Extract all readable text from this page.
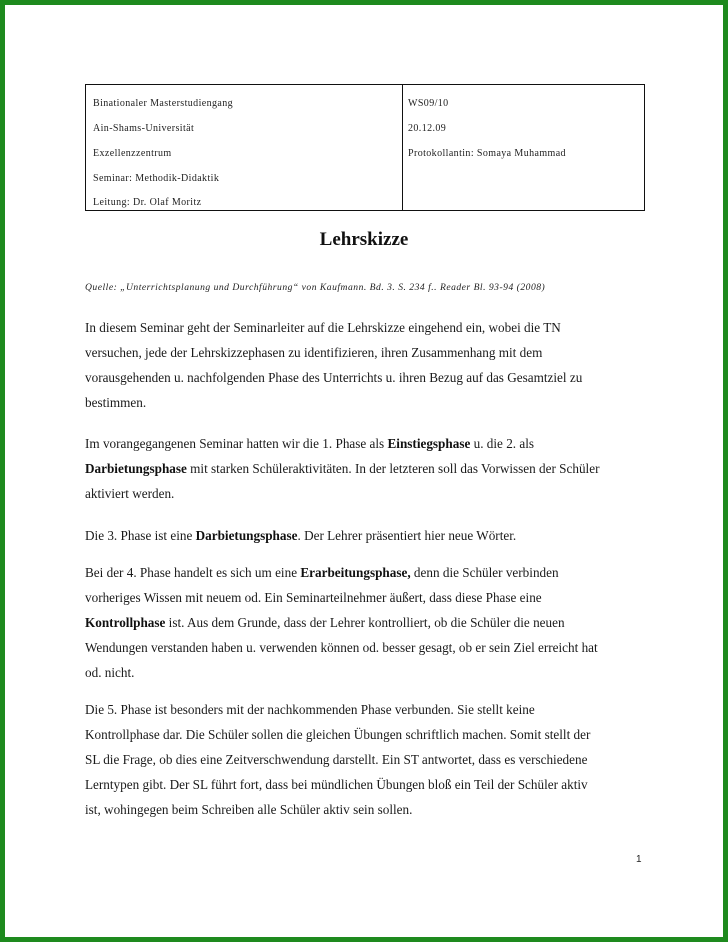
Binationaler Masterstudiengang
Ain-Shams-Universität
Exzellenzzentrum
Seminar: Methodik-Didaktik
Leitung: Dr. Olaf Moritz
WS09/10
20.12.09
Protokollantin: Somaya Muhammad
Lehrskizze
Quelle: „Unterrichtsplanung und Durchführung“ von Kaufmann. Bd. 3. S. 234 f.. Reader Bl. 93-94 (2008)
In diesem Seminar geht der Seminarleiter auf die Lehrskizze eingehend ein, wobei die TN
versuchen, jede der Lehrskizzephasen zu identifizieren, ihren Zusammenhang mit dem
vorausgehenden u. nachfolgenden Phase des Unterrichts u. ihren Bezug auf das Gesamtziel zu
bestimmen.
Im vorangegangenen Seminar hatten wir die 1. Phase als Einstiegsphase u. die 2. als
Darbietungsphase mit starken Schüleraktivitäten. In der letzteren soll das Vorwissen der Schüler
aktiviert werden.
Die 3. Phase ist eine Darbietungsphase. Der Lehrer präsentiert hier neue Wörter.
Bei der 4. Phase handelt es sich um eine Erarbeitungsphase, denn die Schüler verbinden
vorheriges Wissen mit neuem od. Ein Seminarteilnehmer äußert, dass diese Phase eine
Kontrollphase ist. Aus dem Grunde, dass der Lehrer kontrolliert, ob die Schüler die neuen
Wendungen verstanden haben u. verwenden können od. besser gesagt, ob er sein Ziel erreicht hat
od. nicht.
Die 5. Phase ist besonders mit der nachkommenden Phase verbunden. Sie stellt keine
Kontrollphase dar. Die Schüler sollen die gleichen Übungen schriftlich machen. Somit stellt der
SL die Frage, ob dies eine Zeitverschwendung darstellt. Ein ST antwortet, dass es verschiedene
Lerntypen gibt. Der SL führt fort, dass bei mündlichen Übungen bloß ein Teil der Schüler aktiv
ist, wohingegen beim Schreiben alle Schüler aktiv sein sollen.
1
